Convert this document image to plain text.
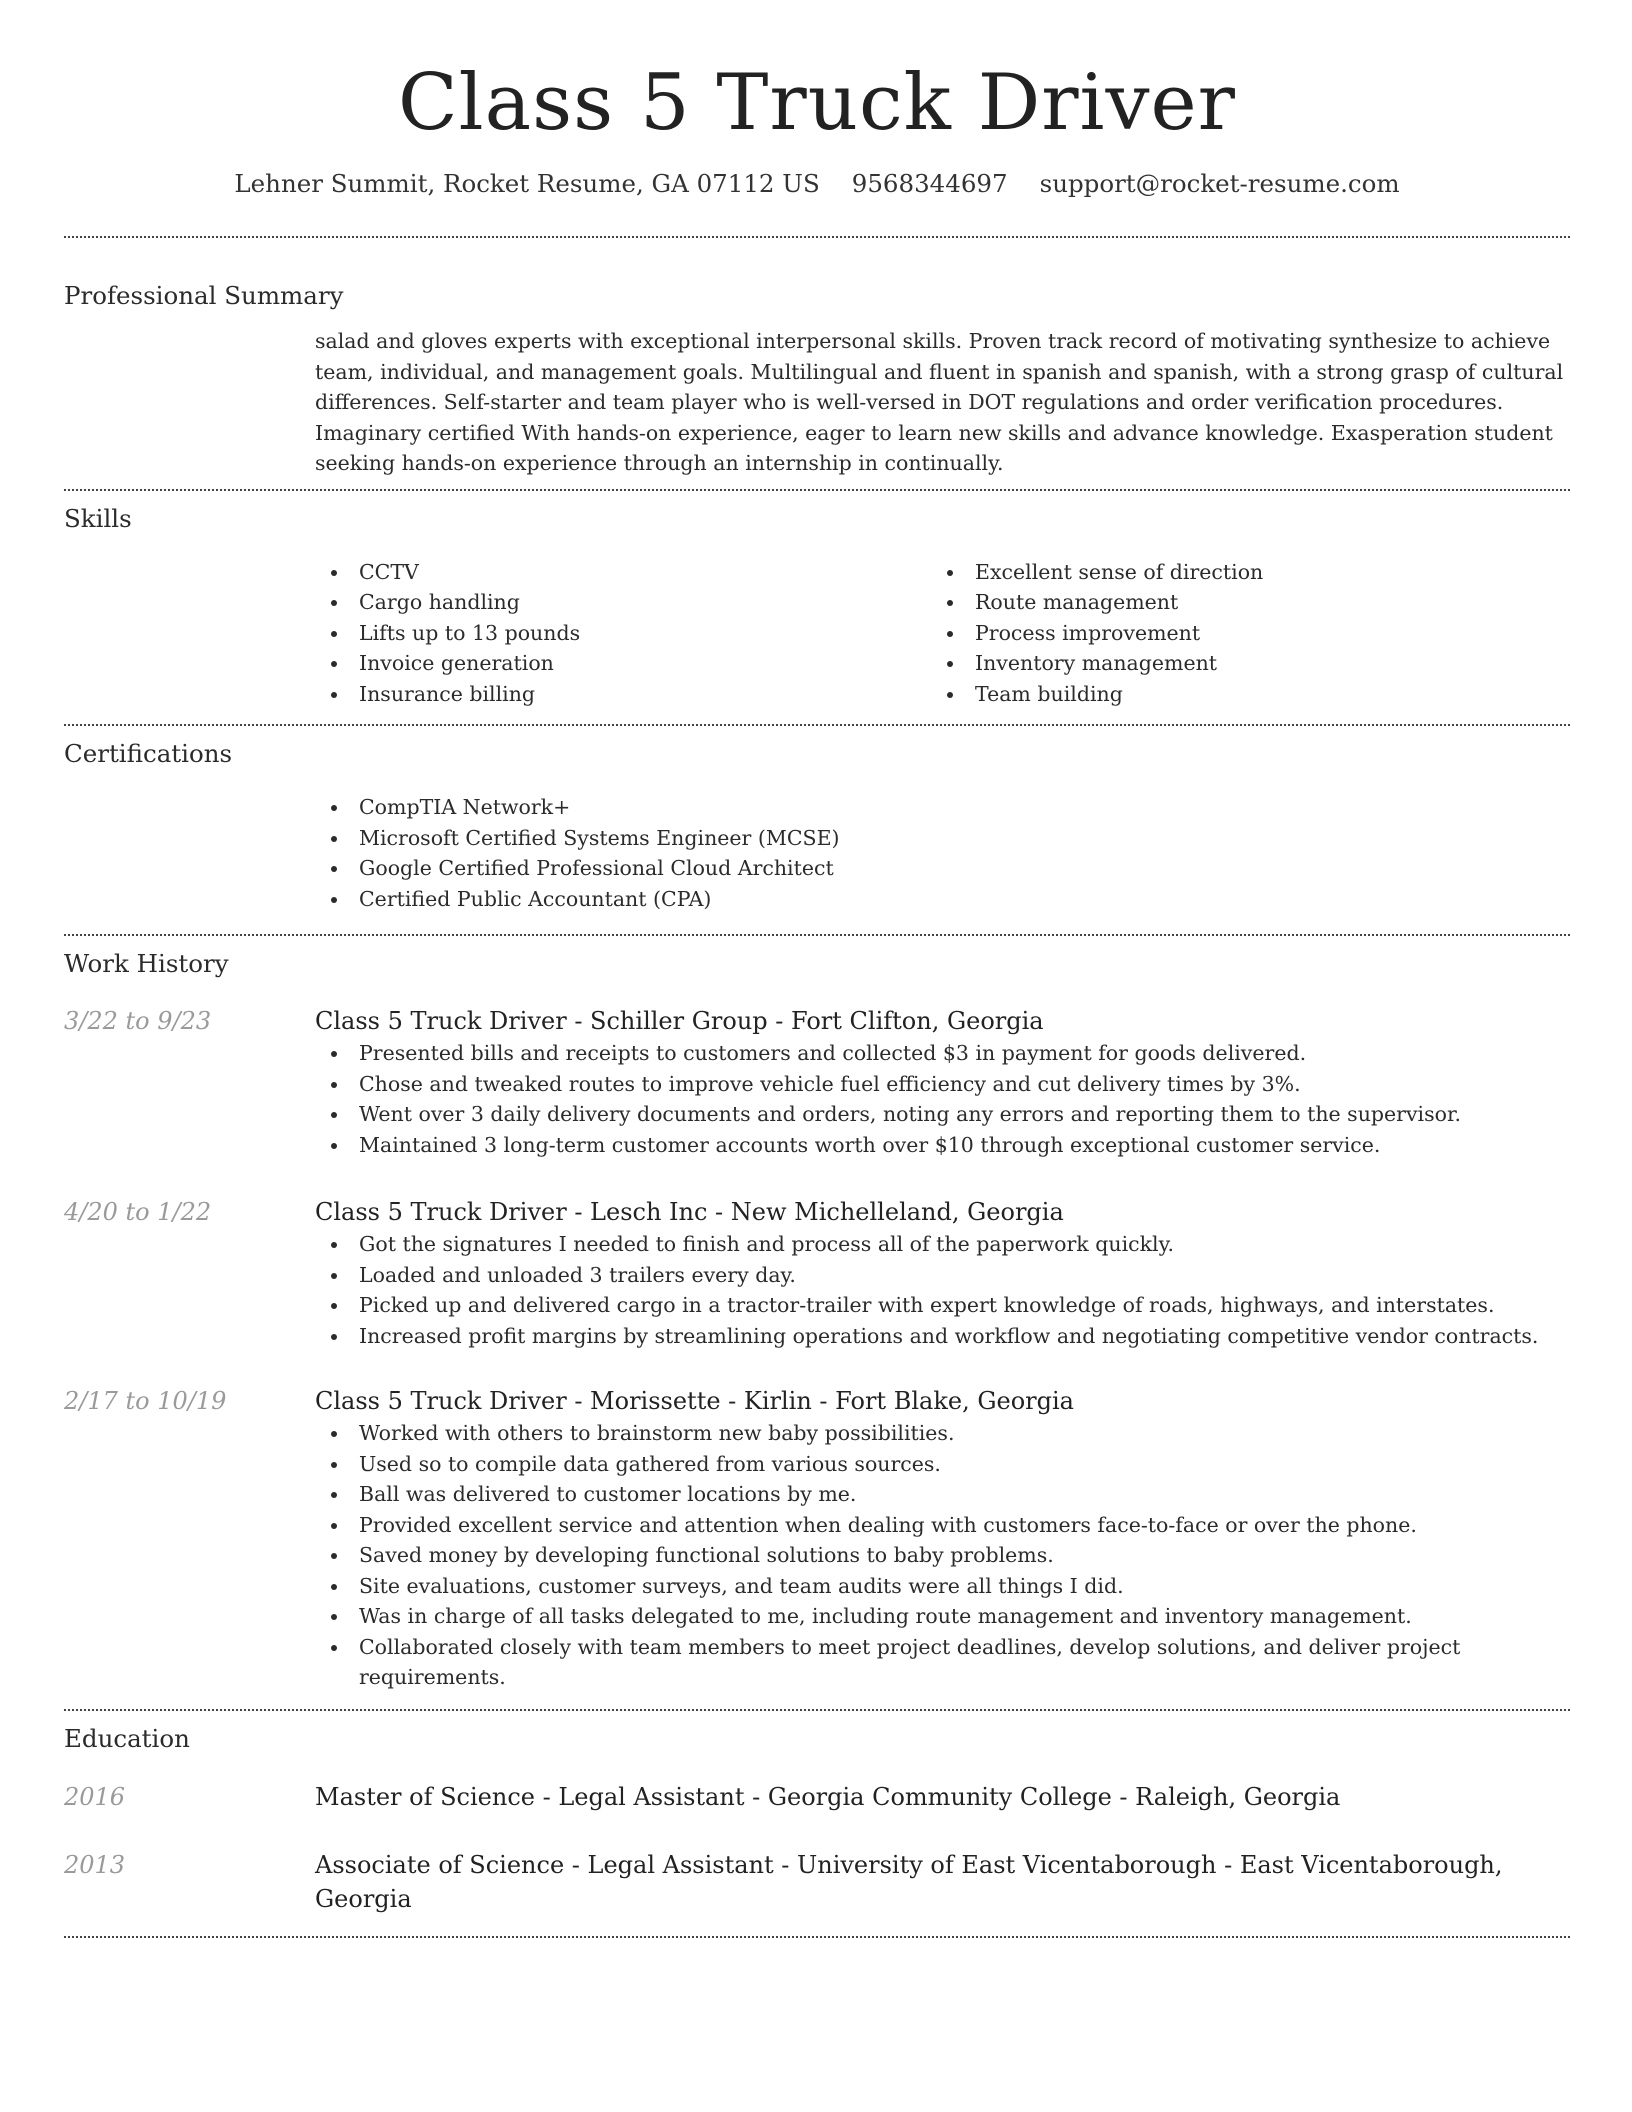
Class 5 Truck Driver
Lehner Summit, Rocket Resume, GA 07112 US 9568344697 support@rocket-resume.com
Professional Summary

salad and gloves experts with exceptional interpersonal skills. Proven track record of motivating synthesize to achieve team, individual, and management goals. Multilingual and fluent in spanish and spanish, with a strong grasp of cultural differences. Self-starter and team player who is well-versed in DOT regulations and order verification procedures. Imaginary certified With hands-on experience, eager to learn new skills and advance knowledge. Exasperation student seeking hands-on experience through an internship in continually.

Skills
CCTV
Cargo handling
Lifts up to 13 pounds
Invoice generation
Insurance billing
Excellent sense of direction
Route management
Process improvement
Inventory management
Team building
Certifications
CompTIA Network+
Microsoft Certified Systems Engineer (MCSE)
Google Certified Professional Cloud Architect
Certified Public Accountant (CPA)
Work History
3/22 to 9/23	Class 5 Truck Driver - Schiller Group - Fort Clifton, Georgia
Presented bills and receipts to customers and collected $3 in payment for goods delivered.
Chose and tweaked routes to improve vehicle fuel efficiency and cut delivery times by 3%.
Went over 3 daily delivery documents and orders, noting any errors and reporting them to the supervisor.
Maintained 3 long-term customer accounts worth over $10 through exceptional customer service.
4/20 to 1/22	Class 5 Truck Driver - Lesch Inc - New Michelleland, Georgia
Got the signatures I needed to finish and process all of the paperwork quickly.
Loaded and unloaded 3 trailers every day.
Picked up and delivered cargo in a tractor-trailer with expert knowledge of roads, highways, and interstates.
Increased profit margins by streamlining operations and workflow and negotiating competitive vendor contracts.
2/17 to 10/19	Class 5 Truck Driver - Morissette - Kirlin - Fort Blake, Georgia
Worked with others to brainstorm new baby possibilities.
Used so to compile data gathered from various sources.
Ball was delivered to customer locations by me.
Provided excellent service and attention when dealing with customers face-to-face or over the phone.
Saved money by developing functional solutions to baby problems.
Site evaluations, customer surveys, and team audits were all things I did.
Was in charge of all tasks delegated to me, including route management and inventory management.
Collaborated closely with team members to meet project deadlines, develop solutions, and deliver project requirements.
Education
2016	Master of Science - Legal Assistant - Georgia Community College - Raleigh, Georgia
2013	Associate of Science - Legal Assistant - University of East Vicentaborough - East Vicentaborough, Georgia
